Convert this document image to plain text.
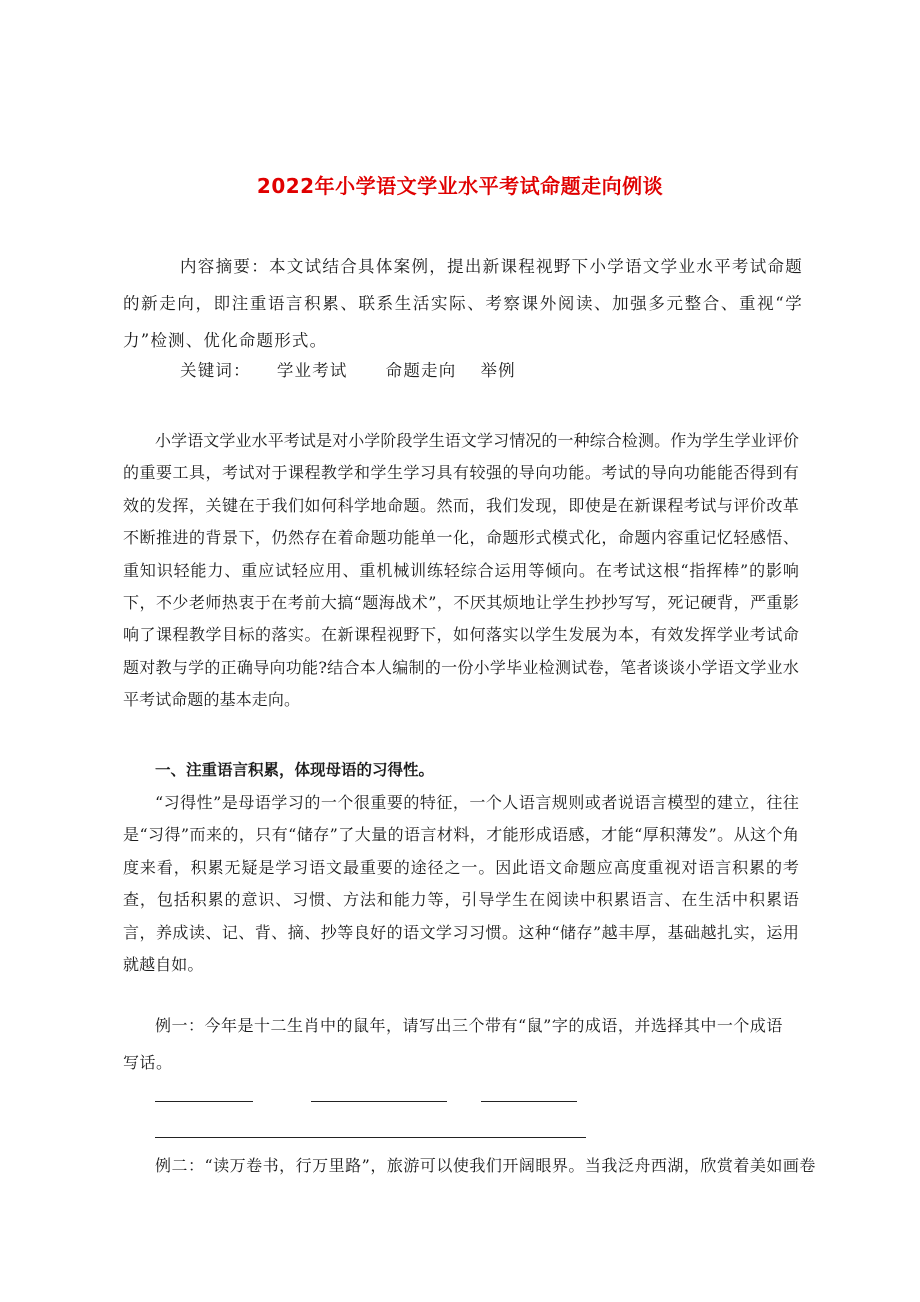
2022年小学语文学业水平考试命题走向例谈

内容摘要：本文试结合具体案例，提出新课程视野下小学语文学业水平考试命题的新走向，即注重语言积累、联系生活实际、考察课外阅读、加强多元整合、重视“学力”检测、优化命题形式。

关键词： 学业考试 命题走向 举例

小学语文学业水平考试是对小学阶段学生语文学习情况的一种综合检测。作为学生学业评价的重要工具，考试对于课程教学和学生学习具有较强的导向功能。考试的导向功能能否得到有效的发挥，关键在于我们如何科学地命题。然而，我们发现，即使是在新课程考试与评价改革不断推进的背景下，仍然存在着命题功能单一化，命题形式模式化，命题内容重记忆轻感悟、重知识轻能力、重应试轻应用、重机械训练轻综合运用等倾向。在考试这根“指挥棒”的影响下，不少老师热衷于在考前大搞“题海战术”，不厌其烦地让学生抄抄写写，死记硬背，严重影响了课程教学目标的落实。在新课程视野下，如何落实以学生发展为本，有效发挥学业考试命题对教与学的正确导向功能?结合本人编制的一份小学毕业检测试卷，笔者谈谈小学语文学业水平考试命题的基本走向。

一、注重语言积累，体现母语的习得性。

“习得性”是母语学习的一个很重要的特征，一个人语言规则或者说语言模型的建立，往往是“习得”而来的，只有“储存”了大量的语言材料，才能形成语感，才能“厚积薄发”。从这个角度来看，积累无疑是学习语文最重要的途径之一。因此语文命题应高度重视对语言积累的考查，包括积累的意识、习惯、方法和能力等，引导学生在阅读中积累语言、在生活中积累语言，养成读、记、背、摘、抄等良好的语文学习习惯。这种“储存”越丰厚，基础越扎实，运用就越自如。

例一：今年是十二生肖中的鼠年，请写出三个带有“鼠”字的成语，并选择其中一个成语写话。

例二：“读万卷书，行万里路”，旅游可以使我们开阔眼界。当我泛舟西湖，欣赏着美如画卷
